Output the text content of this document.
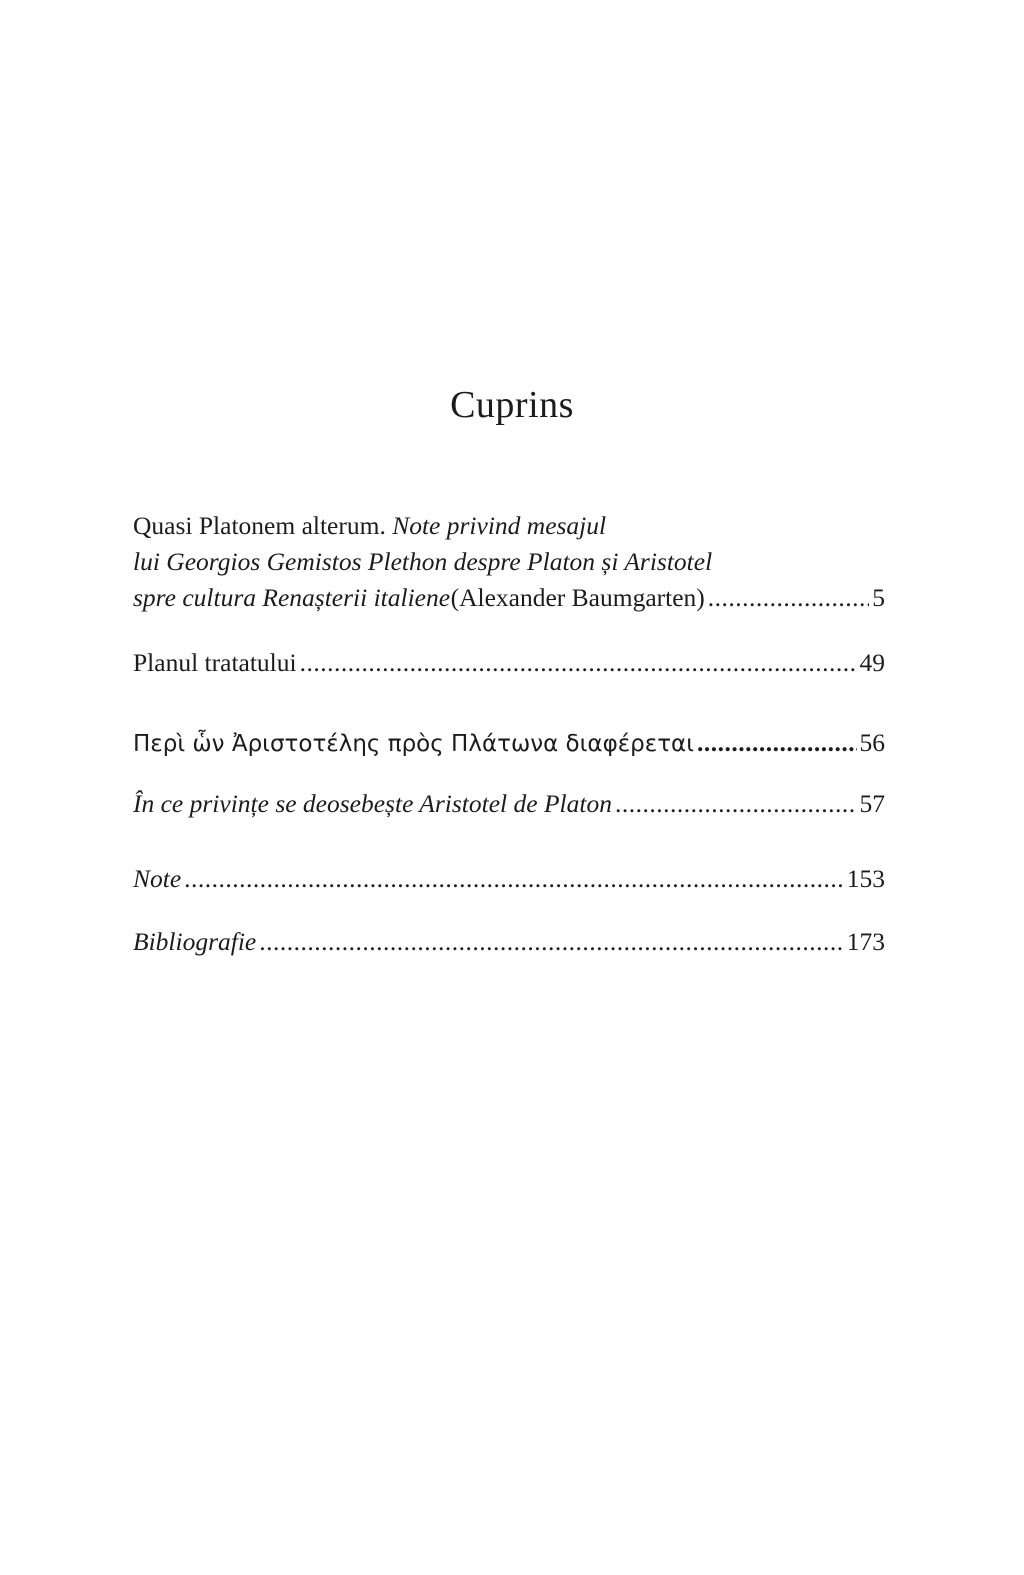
Cuprins
Quasi Platonem alterum. Note privind mesajul
lui Georgios Gemistos Plethon despre Platon și Aristotel
spre cultura Renașterii italiene (Alexander Baumgarten) .....	5
Planul tratatului .....	49
Περὶ ὧν Ἀριστοτέλης πρὸς Πλάτωνα διαφέρεται .....	56
În ce privințe se deosebește Aristotel de Platon .....	57
Note .....	153
Bibliografie .....	173
